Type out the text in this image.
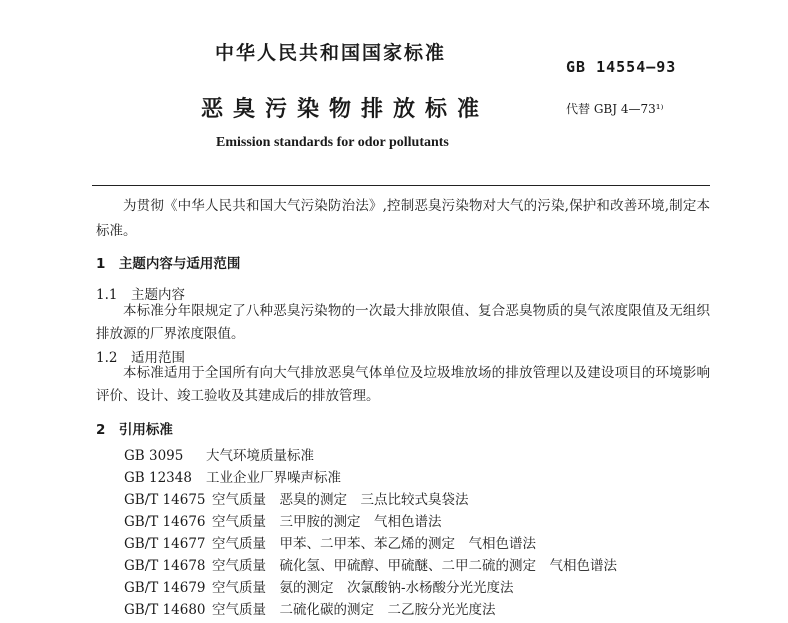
中华人民共和国国家标准
GB 14554—93
恶臭污染物排放标准	代替 GBJ 4—73¹⁾
Emission standards for odor pollutants
为贯彻《中华人民共和国大气污染防治法》,控制恶臭污染物对大气的污染,保护和改善环境,制定本标准。
1　主题内容与适用范围
1.1　主题内容
本标准分年限规定了八种恶臭污染物的一次最大排放限值、复合恶臭物质的臭气浓度限值及无组织排放源的厂界浓度限值。
1.2　适用范围
本标准适用于全国所有向大气排放恶臭气体单位及垃圾堆放场的排放管理以及建设项目的环境影响评价、设计、竣工验收及其建成后的排放管理。
2　引用标准
GB 3095 大气环境质量标准
GB 12348 工业企业厂界噪声标准
GB/T 14675 空气质量　恶臭的测定　三点比较式臭袋法
GB/T 14676 空气质量　三甲胺的测定　气相色谱法
GB/T 14677 空气质量　甲苯、二甲苯、苯乙烯的测定　气相色谱法
GB/T 14678 空气质量　硫化氢、甲硫醇、甲硫醚、二甲二硫的测定　气相色谱法
GB/T 14679 空气质量　氨的测定　次氯酸钠-水杨酸分光光度法
GB/T 14680 空气质量　二硫化碳的测定　二乙胺分光光度法
